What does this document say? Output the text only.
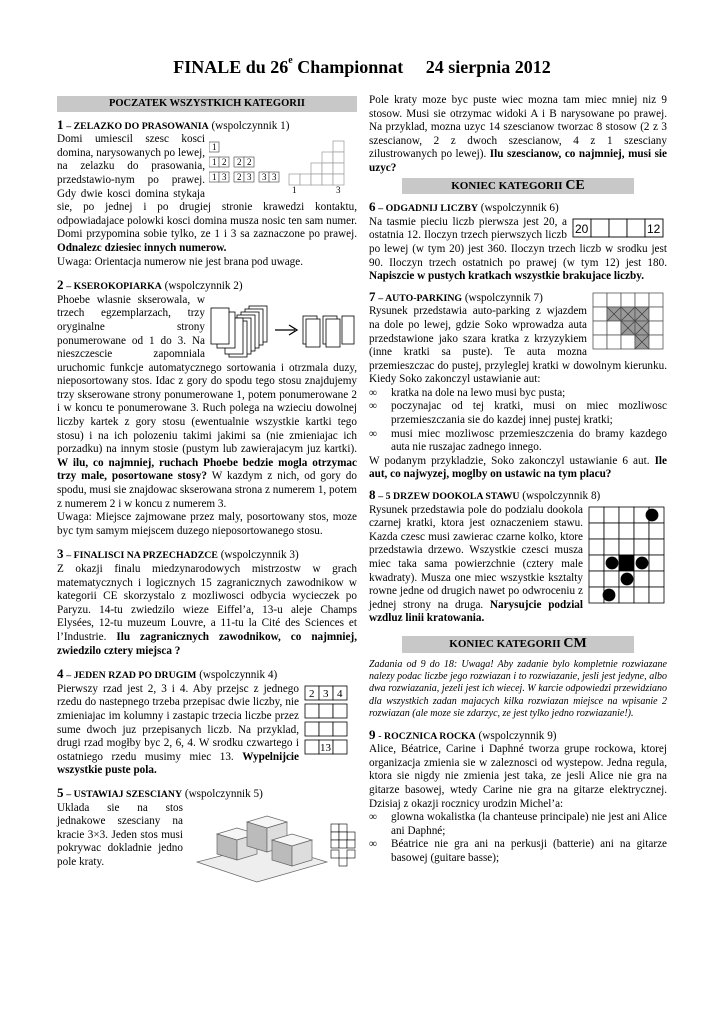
FINALE du 26e Championnat 24 sierpnia 2012
POCZATEK WSZYSTKICH KATEGORII

1 – ZELAZKO DO PRASOWANIA (wspolczynnik 1)

1
1 2 2 2
1 3 2 3 3 3
1	3

Domi umiescil szesc kosci domina, narysowanych po lewej, na zelazku do prasowania, przedstawio-nym po prawej. Gdy dwie kosci domina stykaja sie, po jednej i po drugiej stronie krawedzi kontaktu, odpowiadajace polowki kosci domina musza nosic ten sam numer. Domi przypomina sobie tylko, ze 1 i 3 sa zaznaczone po prawej. Odnalezc dziesiec innych numerow.

Uwaga: Orientacja numerow nie jest brana pod uwage.

2 – KSEROKOPIARKA (wspolczynnik 2)

Phoebe wlasnie skserowala, w trzech egzemplarzach, trzy oryginalne strony ponumerowane od 1 do 3. Na nieszczescie zapomniala uruchomic funkcje automatycznego sortowania i otrzmala duzy, nieposortowany stos. Idac z gory do spodu tego stosu znajdujemy trzy skserowane strony ponumerowane 1, potem ponumerowane 2 i w koncu te ponumerowane 3. Ruch polega na wzieciu dowolnej liczby kartek z gory stosu (ewentualnie wszystkie kartki tego stosu) i na ich polozeniu takimi jakimi sa (nie zmieniajac ich porzadku) na innym stosie (pustym lub zawierajacym juz kartki). W ilu, co najmniej, ruchach Phoebe bedzie mogla otrzymac trzy male, posortowane stosy? W kazdym z nich, od gory do spodu, musi sie znajdowac skserowana strona z numerem 1, potem z numerem 2 i w koncu z numerem 3.

Uwaga: Miejsce zajmowane przez maly, posortowany stos, moze byc tym samym miejscem duzego nieposortowanego stosu.

3 – FINALISCI NA PRZECHADZCE (wspolczynnik 3)

Z okazji finalu miedzynarodowych mistrzostw w grach matematycznych i logicznych 15 zagranicznych zawodnikow w kategorii CE skorzystalo z mozliwosci odbycia wycieczek po Paryzu. 14-tu zwiedzilo wieze Eiffel’a, 13-u aleje Champs Elysées, 12-tu muzeum Louvre, a 11-tu la Cité des Sciences et l’Industrie. Ilu zagranicznych zawodnikow, co najmniej, zwiedzilo cztery miejsca ?

4 – JEDEN RZAD PO DRUGIM (wspolczynnik 4)

2 3 4
13

Pierwszy rzad jest 2, 3 i 4. Aby przejsc z jednego rzedu do nastepnego trzeba przepisac dwie liczby, nie zmieniajac im kolumny i zastapic trzecia liczbe przez sume dwoch juz przepisanych liczb. Na przyklad, drugi rzad mogłby byc 2, 6, 4. W srodku czwartego i ostatniego rzedu musimy miec 13. Wypelnijcie wszystkie puste pola.

5 – USTAWIAJ SZESCIANY (wspolczynnik 5)

Uklada sie na stos jednakowe szesciany na kracie 3×3. Jeden stos musi pokrywac dokladnie jedno pole kraty.

Pole kraty moze byc puste wiec mozna tam miec mniej niz 9 stosow. Musi sie otrzymac widoki A i B narysowane po prawej. Na przyklad, mozna uzyc 14 szescianow tworzac 8 stosow (2 z 3 szescianow, 2 z dwoch szescianow, 4 z 1 szesciany zilustrowanych po lewej). Ilu szescianow, co najmniej, musi sie uzyc?

KONIEC KATEGORII CE

6 – ODGADNIJ LICZBY (wspolczynnik 6)

20	12

Na tasmie pieciu liczb pierwsza jest 20, a ostatnia 12. Iloczyn trzech pierwszych liczb po lewej (w tym 20) jest 360. Iloczyn trzech liczb w srodku jest 90. Iloczyn trzech ostatnich po prawej (w tym 12) jest 180. Napiszcie w pustych kratkach wszystkie brakujace liczby.

7 – AUTO-PARKING (wspolczynnik 7)

Rysunek przedstawia auto-parking z wjazdem na dole po lewej, gdzie Soko wprowadza auta przedstawione jako szara kratka z krzyzykiem (inne kratki sa puste). Te auta mozna przemieszczac do pustej, przyleglej kratki w dowolnym kierunku. Kiedy Soko zakonczyl ustawianie aut:

∞ kratka na dole na lewo musi byc pusta;
∞ poczynajac od tej kratki, musi on miec mozliwosc przemieszczania sie do kazdej innej pustej kratki;
∞ musi miec mozliwosc przemieszczenia do bramy kazdego auta nie ruszajac zadnego innego.

W podanym przykladzie, Soko zakonczyl ustawianie 6 aut. Ile aut, co najwyzej, moglby on ustawic na tym placu?

8 – 5 DRZEW DOOKOLA STAWU (wspolczynnik 8)

Rysunek przedstawia pole do podzialu dookola czarnej kratki, ktora jest oznaczeniem stawu. Kazda czesc musi zawierac czarne kolko, ktore przedstawia drzewo. Wszystkie czesci musza miec taka sama powierzchnie (cztery male kwadraty). Musza one miec wszystkie ksztalty rowne jedne od drugich nawet po odwroceniu z jednej strony na druga. Narysujcie podzial wzdluz linii kratowania.

KONIEC KATEGORII CM

Zadania od 9 do 18: Uwaga! Aby zadanie bylo kompletnie rozwiazane nalezy podac liczbe jego rozwiazan i to rozwiazanie, jesli jest jedyne, albo dwa rozwiazania, jezeli jest ich wiecej. W karcie odpowiedzi przewidziano dla wszystkich zadan majacych kilka rozwiazan miejsce na wpisanie 2 rozwiazan (ale moze sie zdarzyc, ze jest tylko jedno rozwiazanie!).

9 - ROCZNICA ROCKA (wspolczynnik 9)

Alice, Béatrice, Carine i Daphné tworza grupe rockowa, ktorej organizacja zmienia sie w zaleznosci od wystepow. Jedna regula, ktora sie nigdy nie zmienia jest taka, ze jesli Alice nie gra na gitarze basowej, wtedy Carine nie gra na gitarze elektrycznej. Dzisiaj z okazji rocznicy urodzin Michel’a:

∞ glowna wokalistka (la chanteuse principale) nie jest ani Alice ani Daphné;
∞ Béatrice nie gra ani na perkusji (batterie) ani na gitarze basowej (guitare basse);
